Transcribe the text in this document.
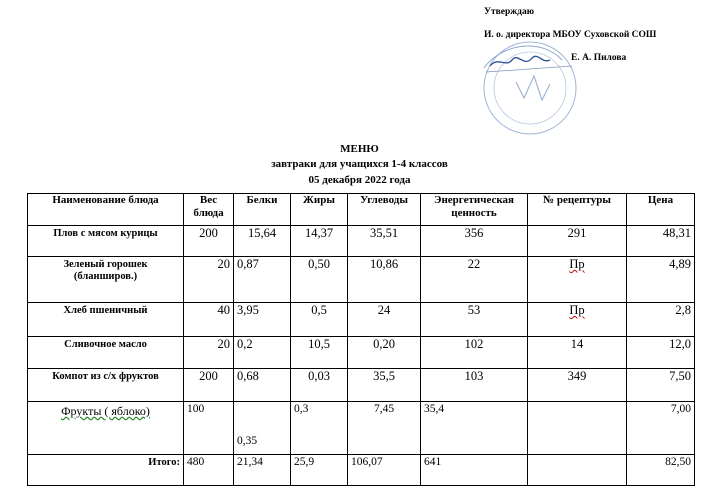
Утверждаю
И. о. директора МБОУ Суховской СОШ
Е. А. Пилова
МЕНЮ
завтраки для учащихся 1-4 классов
05 декабря 2022 года
Наименование блюда	Вес блюда	Белки	Жиры	Углеводы	Энергетическая ценность	№ рецептуры	Цена
Плов с мясом курицы	200	15,64	14,37	35,51	356	291	48,31
Зеленый горошек (бланширов.)	20	0,87	0,50	10,86	22	Пр	4,89
Хлеб пшеничный	40	3,95	0,5	24	53	Пр	2,8
Сливочное масло	20	0,2	10,5	0,20	102	14	12,0
Компот из с/х фруктов	200	0,68	0,03	35,5	103	349	7,50
Фрукты ( яблоко)	100	0,35	0,3	7,45	35,4		7,00
Итого:	480	21,34	25,9	106,07	641		82,50
